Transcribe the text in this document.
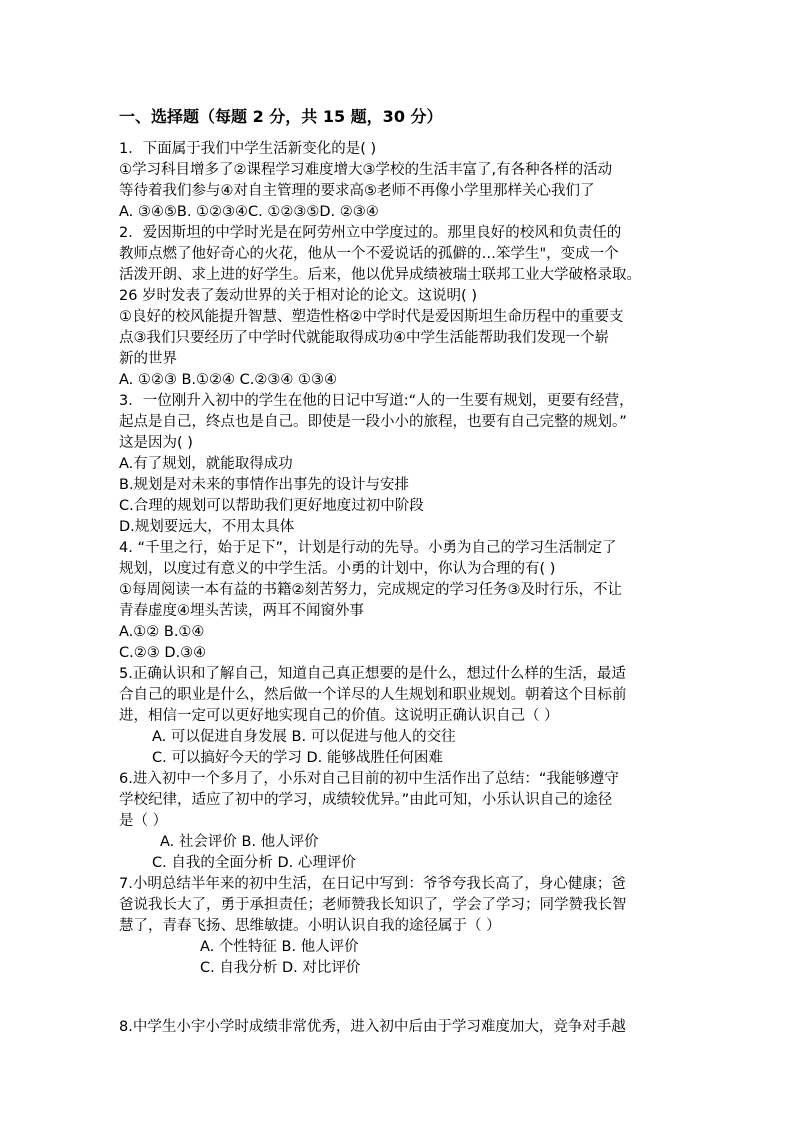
一、选择题（每题 2 分，共 15 题，30 分）
1．下面属于我们中学生活新变化的是( )
①学习科目增多了②课程学习难度增大③学校的生活丰富了,有各种各样的活动
等待着我们参与④对自主管理的要求高⑤老师不再像小学里那样关心我们了
A. ③④⑤B. ①②③④C. ①②③⑤D. ②③④
2．爱因斯坦的中学时光是在阿劳州立中学度过的。那里良好的校风和负责任的
教师点燃了他好奇心的火花，他从一个不爱说话的孤僻的…笨学生"，变成一个
活泼开朗、求上进的好学生。后来，他以优异成绩被瑞士联邦工业大学破格录取。
26 岁时发表了轰动世界的关于相对论的论文。这说明( )
①良好的校风能提升智慧、塑造性格②中学时代是爱因斯坦生命历程中的重要支
点③我们只要经历了中学时代就能取得成功④中学生活能帮助我们发现一个崭
新的世界
A. ①②③ B.①②④ C.②③④ ①③④
3．一位刚升入初中的学生在他的日记中写道:“人的一生要有规划，更要有经营，
起点是自己，终点也是自己。即使是一段小小的旅程，也要有自己完整的规划。”
这是因为( )
A.有了规划，就能取得成功
B.规划是对未来的事情作出事先的设计与安排
C.合理的规划可以帮助我们更好地度过初中阶段
D.规划要远大，不用太具体
4. “千里之行，始于足下”，计划是行动的先导。小勇为自己的学习生活制定了
规划，以度过有意义的中学生活。小勇的计划中，你认为合理的有( )
①每周阅读一本有益的书籍②刻苦努力，完成规定的学习任务③及时行乐，不让
青春虚度④埋头苦读，两耳不闻窗外事
A.①② B.①④
C.②③ D.③④
5.正确认识和了解自己，知道自己真正想要的是什么，想过什么样的生活，最适
合自己的职业是什么，然后做一个详尽的人生规划和职业规划。朝着这个目标前
进，相信一定可以更好地实现自己的价值。这说明正确认识自己（ ）
A. 可以促进自身发展 B. 可以促进与他人的交往
C. 可以搞好今天的学习 D. 能够战胜任何困难
6.进入初中一个多月了，小乐对自己目前的初中生活作出了总结：“我能够遵守
学校纪律，适应了初中的学习，成绩较优异。”由此可知，小乐认识自己的途径
是（ ）
A. 社会评价 B. 他人评价
C. 自我的全面分析 D. 心理评价
7.小明总结半年来的初中生活，在日记中写到：爷爷夸我长高了，身心健康；爸
爸说我长大了，勇于承担责任；老师赞我长知识了，学会了学习；同学赞我长智
慧了，青春飞扬、思维敏捷。小明认识自我的途径属于（ ）
A. 个性特征 B. 他人评价
C. 自我分析 D. 对比评价
8.中学生小宇小学时成绩非常优秀，进入初中后由于学习难度加大，竞争对手越
